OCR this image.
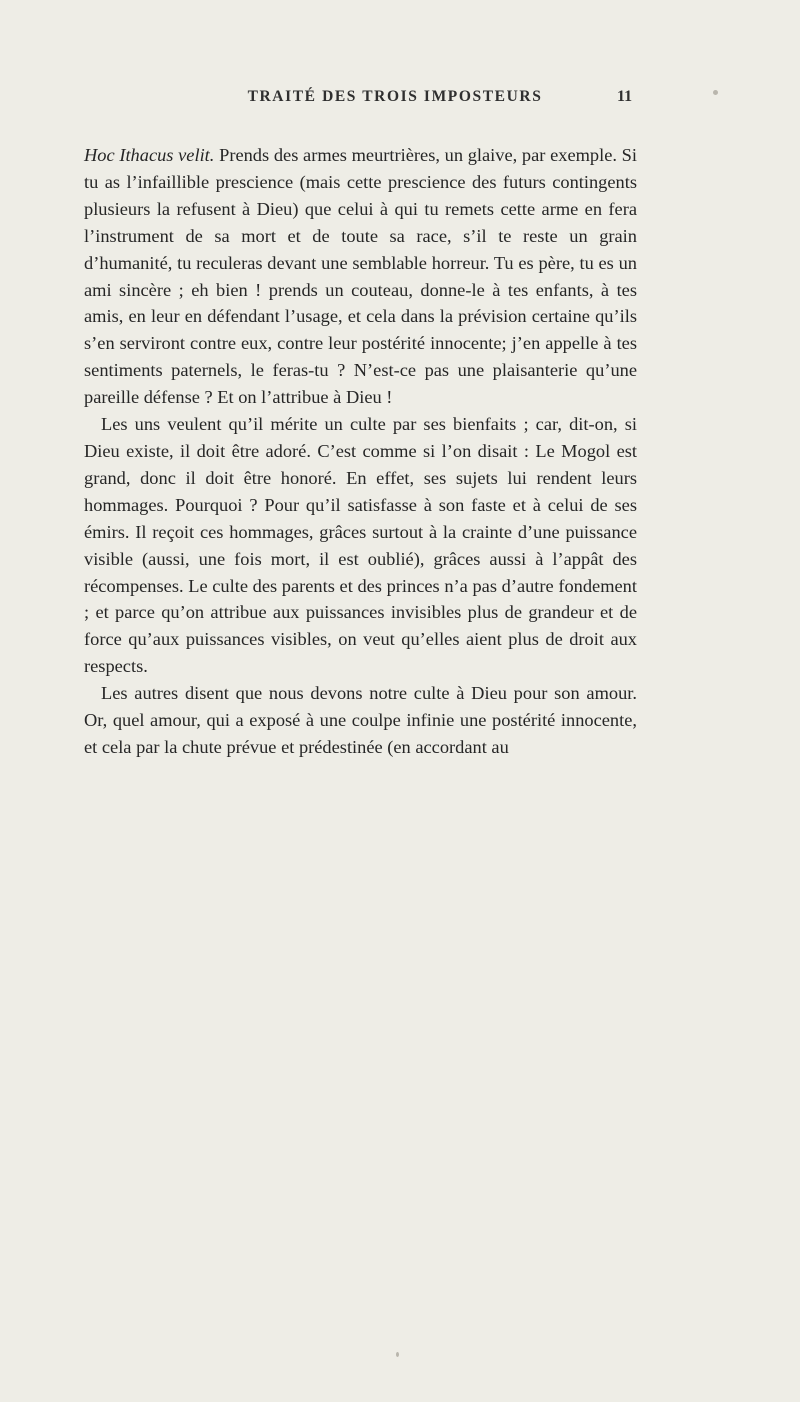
TRAITÉ DES TROIS IMPOSTEURS	11

Hoc Ithacus velit. Prends des armes meurtrières, un glaive, par exemple. Si tu as l’infaillible prescience (mais cette prescience des futurs contingents plusieurs la refusent à Dieu) que celui à qui tu remets cette arme en fera l’instrument de sa mort et de toute sa race, s’il te reste un grain d’humanité, tu reculeras devant une semblable horreur. Tu es père, tu es un ami sincère ; eh bien ! prends un couteau, donne-le à tes enfants, à tes amis, en leur en défendant l’usage, et cela dans la prévision certaine qu’ils s’en serviront contre eux, contre leur postérité innocente; j’en appelle à tes sentiments paternels, le feras-tu ? N’est-ce pas une plaisanterie qu’une pareille défense ? Et on l’attribue à Dieu !

Les uns veulent qu’il mérite un culte par ses bienfaits ; car, dit-on, si Dieu existe, il doit être adoré. C’est comme si l’on disait : Le Mogol est grand, donc il doit être honoré. En effet, ses sujets lui rendent leurs hommages. Pourquoi ? Pour qu’il satisfasse à son faste et à celui de ses émirs. Il reçoit ces hommages, grâces surtout à la crainte d’une puissance visible (aussi, une fois mort, il est oublié), grâces aussi à l’appât des récompenses. Le culte des parents et des princes n’a pas d’autre fondement ; et parce qu’on attribue aux puissances invisibles plus de grandeur et de force qu’aux puissances visibles, on veut qu’elles aient plus de droit aux respects.

Les autres disent que nous devons notre culte à Dieu pour son amour. Or, quel amour, qui a exposé à une coulpe infinie une postérité innocente, et cela par la chute prévue et prédestinée (en accordant au
